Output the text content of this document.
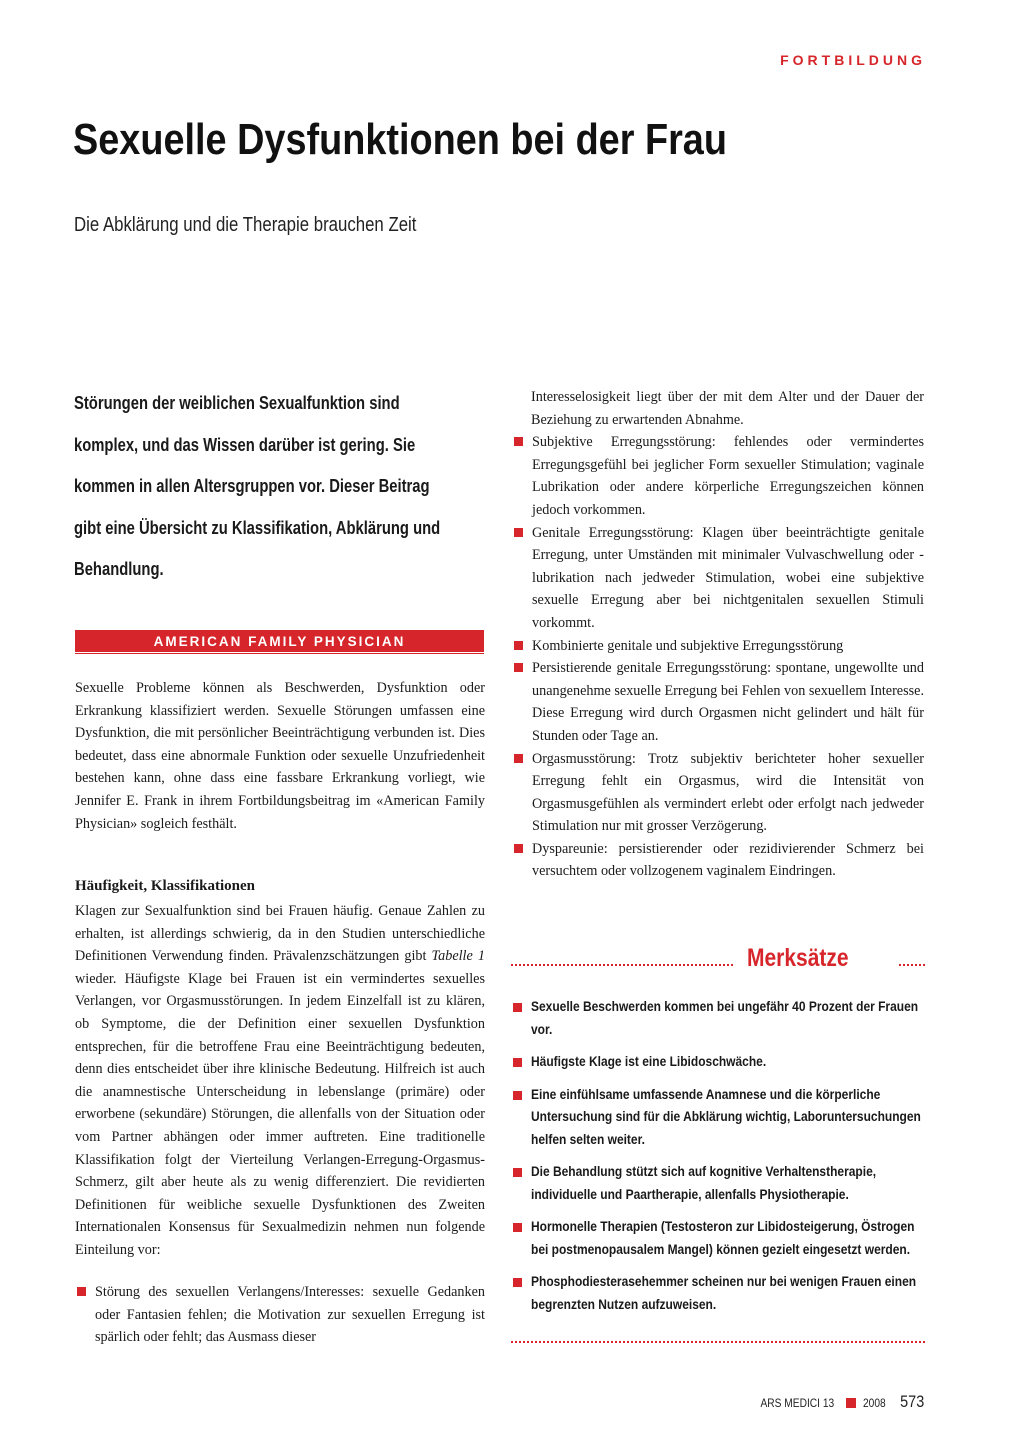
FORTBILDUNG
Sexuelle Dysfunktionen bei der Frau
Die Abklärung und die Therapie brauchen Zeit

Störungen der weiblichen Sexualfunktion sind komplex, und das Wissen darüber ist gering. Sie kommen in allen Altersgruppen vor. Dieser Beitrag gibt eine Übersicht zu Klassifikation, Abklärung und Behandlung.

AMERICAN FAMILY PHYSICIAN

Sexuelle Probleme können als Beschwerden, Dysfunktion oder Erkrankung klassifiziert werden. Sexuelle Störungen umfassen eine Dysfunktion, die mit persönlicher Beeinträchtigung verbunden ist. Dies bedeutet, dass eine abnormale Funktion oder sexuelle Unzufriedenheit bestehen kann, ohne dass eine fassbare Erkrankung vorliegt, wie Jennifer E. Frank in ihrem Fortbildungsbeitrag im «American Family Physician» sogleich festhält.

Häufigkeit, Klassifikationen

Klagen zur Sexualfunktion sind bei Frauen häufig. Genaue Zahlen zu erhalten, ist allerdings schwierig, da in den Studien unterschiedliche Definitionen Verwendung finden. Prävalenzschätzungen gibt Tabelle 1 wieder. Häufigste Klage bei Frauen ist ein vermindertes sexuelles Verlangen, vor Orgasmusstörungen. In jedem Einzelfall ist zu klären, ob Symptome, die der Definition einer sexuellen Dysfunktion entsprechen, für die betroffene Frau eine Beeinträchtigung bedeuten, denn dies entscheidet über ihre klinische Bedeutung. Hilfreich ist auch die anamnestische Unterscheidung in lebenslange (primäre) oder erworbene (sekundäre) Störungen, die allenfalls von der Situation oder vom Partner abhängen oder immer auftreten. Eine traditionelle Klassifikation folgt der Vierteilung Verlangen-Erregung-Orgasmus-Schmerz, gilt aber heute als zu wenig differenziert. Die revidierten Definitionen für weibliche sexuelle Dysfunktionen des Zweiten Internationalen Konsensus für Sexualmedizin nehmen nun folgende Einteilung vor:

Störung des sexuellen Verlangens/Interesses: sexuelle Gedanken oder Fantasien fehlen; die Motivation zur sexuellen Erregung ist spärlich oder fehlt; das Ausmass dieser

Interesselosigkeit liegt über der mit dem Alter und der Dauer der Beziehung zu erwartenden Abnahme.

Subjektive Erregungsstörung: fehlendes oder vermindertes Erregungsgefühl bei jeglicher Form sexueller Stimulation; vaginale Lubrikation oder andere körperliche Erregungszeichen können jedoch vorkommen.
Genitale Erregungsstörung: Klagen über beeinträchtigte genitale Erregung, unter Umständen mit minimaler Vulvaschwellung oder -lubrikation nach jedweder Stimulation, wobei eine subjektive sexuelle Erregung aber bei nichtgenitalen sexuellen Stimuli vorkommt.
Kombinierte genitale und subjektive Erregungsstörung
Persistierende genitale Erregungsstörung: spontane, ungewollte und unangenehme sexuelle Erregung bei Fehlen von sexuellem Interesse. Diese Erregung wird durch Orgasmen nicht gelindert und hält für Stunden oder Tage an.
Orgasmusstörung: Trotz subjektiv berichteter hoher sexueller Erregung fehlt ein Orgasmus, wird die Intensität von Orgasmusgefühlen als vermindert erlebt oder erfolgt nach jedweder Stimulation nur mit grosser Verzögerung.
Dyspareunie: persistierender oder rezidivierender Schmerz bei versuchtem oder vollzogenem vaginalem Eindringen.
Merksätze
Sexuelle Beschwerden kommen bei ungefähr 40 Prozent der Frauen vor.
Häufigste Klage ist eine Libidoschwäche.
Eine einfühlsame umfassende Anamnese und die körperliche Untersuchung sind für die Abklärung wichtig, Laboruntersuchungen helfen selten weiter.
Die Behandlung stützt sich auf kognitive Verhaltenstherapie, individuelle und Paartherapie, allenfalls Physiotherapie.
Hormonelle Therapien (Testosteron zur Libidosteigerung, Östrogen bei postmenopausalem Mangel) können gezielt eingesetzt werden.
Phosphodiesterasehemmer scheinen nur bei wenigen Frauen einen begrenzten Nutzen aufzuweisen.
ARS MEDICI 13 2008 573
